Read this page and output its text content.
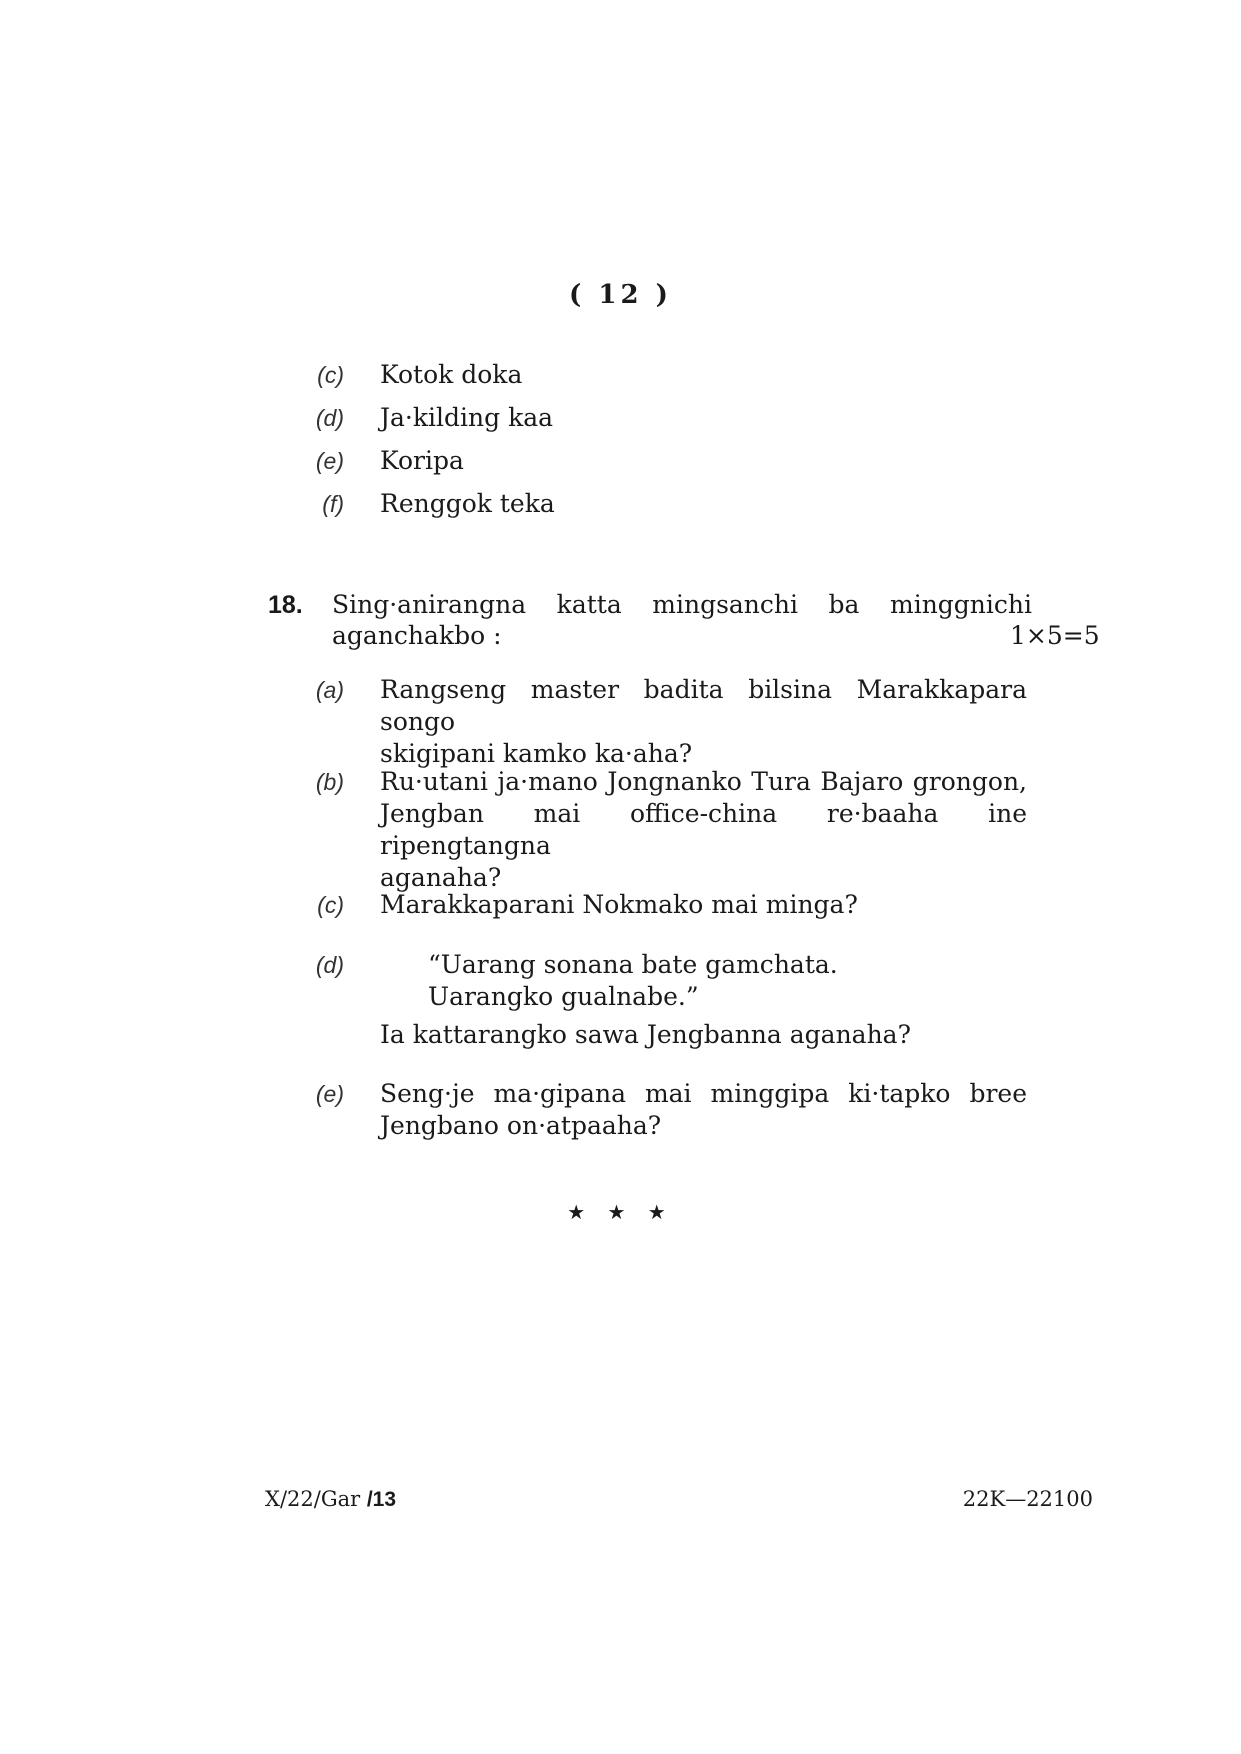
( 12 )
(c) Kotok doka
(d) Ja·kilding kaa
(e) Koripa
(f) Renggok teka
18. Sing·anirangna katta mingsanchi ba minggnichi
aganchakbo :	1×5=5
(a) Rangseng master badita bilsina Marakkapara songo
skigipani kamko ka·aha?
(b) Ru·utani ja·mano Jongnanko Tura Bajaro grongon,
Jengban mai office-china re·baaha ine ripengtangna
aganaha?
(c) Marakkaparani Nokmako mai minga?
(d)	“Uarang sonana bate gamchata.
Uarangko gualnabe.”
Ia kattarangko sawa Jengbanna aganaha?
(e) Seng·je ma·gipana mai minggipa ki·tapko bree
Jengbano on·atpaaha?
★ ★ ★
X/22/Gar /13	22K—22100
